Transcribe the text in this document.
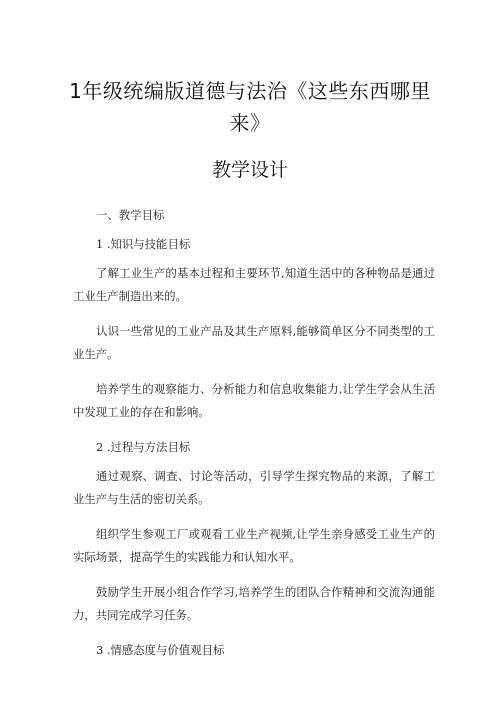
1年级统编版道德与法治《这些东西哪里
来》
教学设计
一、教学目标
1 .知识与技能目标
了解工业生产的基本过程和主要环节,知道生活中的各种物品是通过工业生产制造出来的。
认识一些常见的工业产品及其生产原料,能够简单区分不同类型的工业生产。
培养学生的观察能力、分析能力和信息收集能力,让学生学会从生活中发现工业的存在和影响。
2 .过程与方法目标
通过观察、调查、讨论等活动，引导学生探究物品的来源，了解工业生产与生活的密切关系。
组织学生参观工厂或观看工业生产视频,让学生亲身感受工业生产的实际场景，提高学生的实践能力和认知水平。
鼓励学生开展小组合作学习,培养学生的团队合作精神和交流沟通能力，共同完成学习任务。
3 .情感态度与价值观目标
